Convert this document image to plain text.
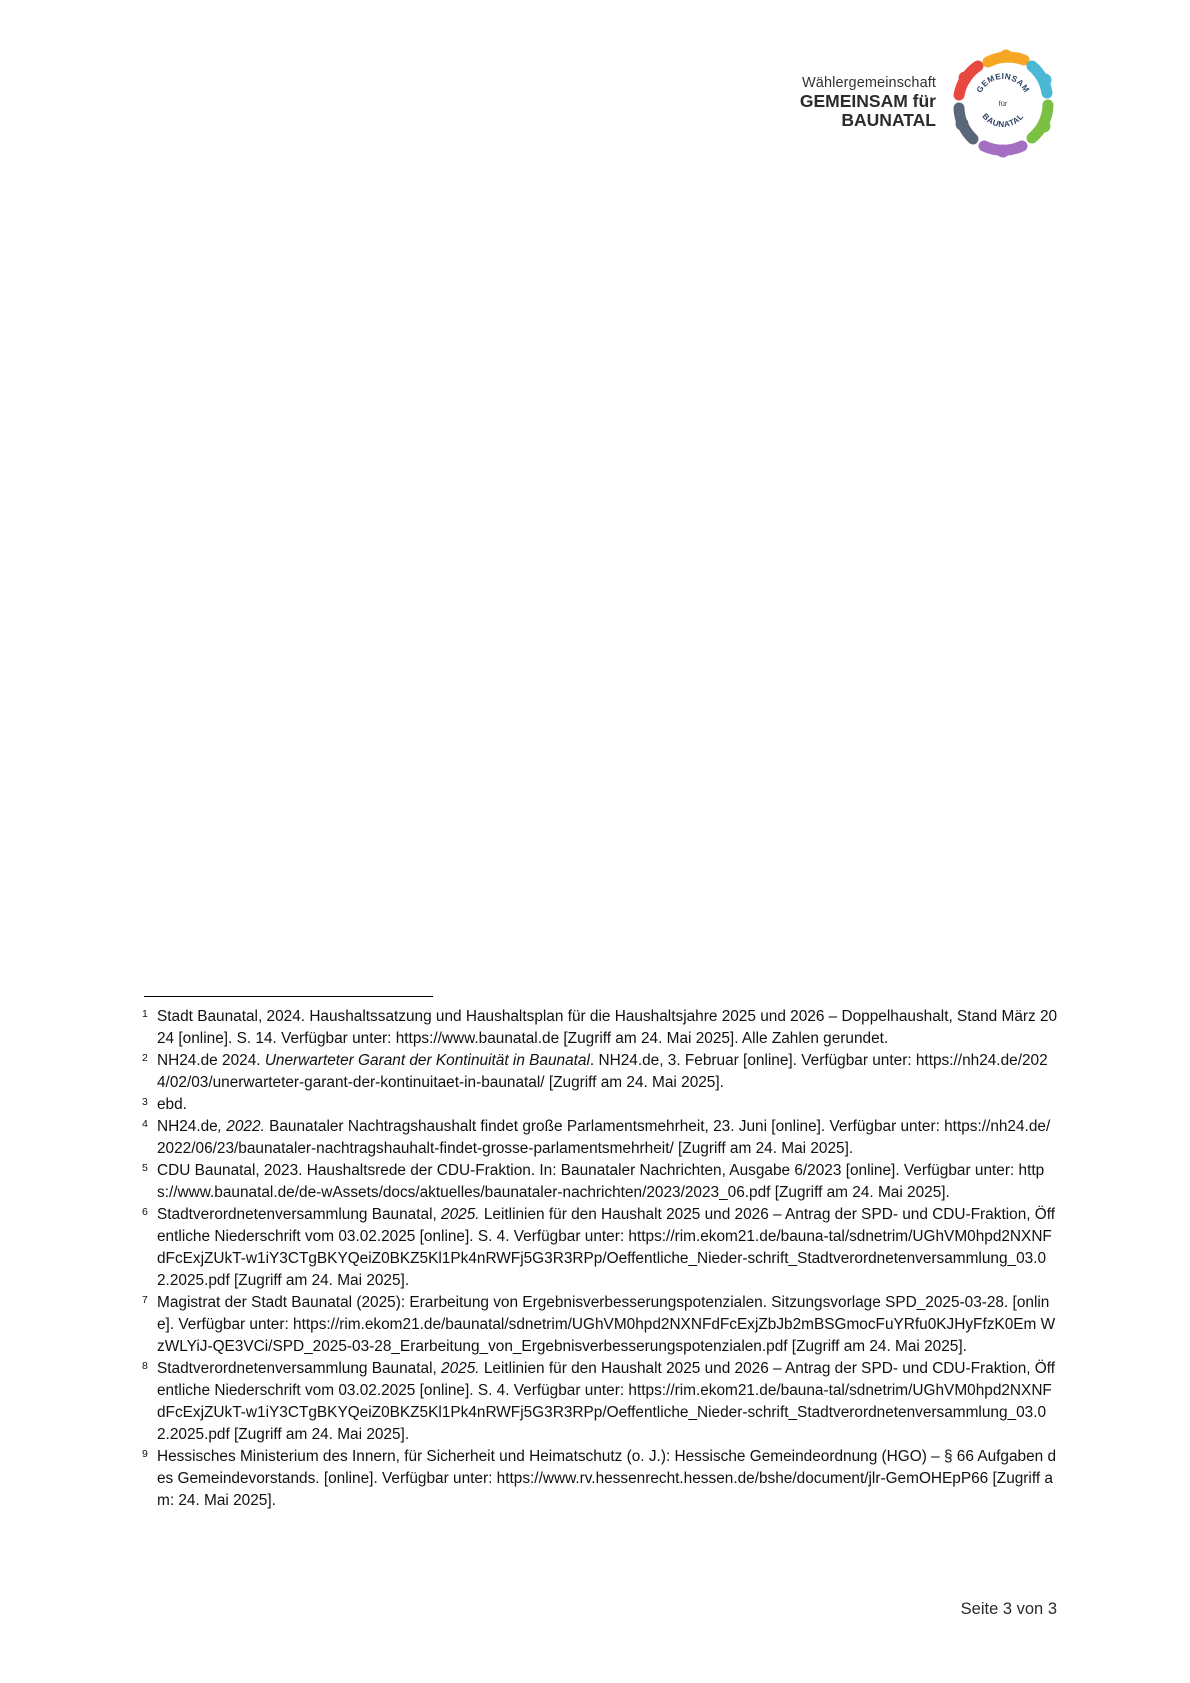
Wählergemeinschaft
GEMEINSAM für
BAUNATAL
GEMEINSAM
für
BAUNATAL
1 Stadt Baunatal, 2024. Haushaltssatzung und Haushaltsplan für die Haushaltsjahre 2025 und 2026 – Doppelhaushalt, Stand März 2024 [online]. S. 14. Verfügbar unter: https://www.baunatal.de [Zugriff am 24. Mai 2025]. Alle Zahlen gerundet.
2 NH24.de 2024. Unerwarteter Garant der Kontinuität in Baunatal. NH24.de, 3. Februar [online]. Verfügbar unter: https://nh24.de/2024/02/03/unerwarteter-garant-der-kontinuitaet-in-baunatal/ [Zugriff am 24. Mai 2025].
3 ebd.
4 NH24.de, 2022. Baunataler Nachtragshaushalt findet große Parlamentsmehrheit, 23. Juni [online]. Verfügbar unter: https://nh24.de/2022/06/23/baunataler-nachtragshauhalt-findet-grosse-parlamentsmehrheit/ [Zugriff am 24. Mai 2025].
5 CDU Baunatal, 2023. Haushaltsrede der CDU-Fraktion. In: Baunataler Nachrichten, Ausgabe 6/2023 [online]. Verfügbar unter: https://www.baunatal.de/de-wAssets/docs/aktuelles/baunataler-nachrichten/2023/2023_06.pdf [Zugriff am 24. Mai 2025].
6 Stadtverordnetenversammlung Baunatal, 2025. Leitlinien für den Haushalt 2025 und 2026 – Antrag der SPD- und CDU-Fraktion, Öffentliche Niederschrift vom 03.02.2025 [online]. S. 4. Verfügbar unter: https://rim.ekom21.de/bauna-tal/sdnetrim/UGhVM0hpd2NXNFdFcExjZUkT-w1iY3CTgBKYQeiZ0BKZ5Kl1Pk4nRWFj5G3R3RPp/Oeffentliche_Nieder-schrift_Stadtverordnetenversammlung_03.02.2025.pdf [Zugriff am 24. Mai 2025].
7 Magistrat der Stadt Baunatal (2025): Erarbeitung von Ergebnisverbesserungspotenzialen. Sitzungsvorlage SPD_2025-03-28. [online]. Verfügbar unter: https://rim.ekom21.de/baunatal/sdnetrim/UGhVM0hpd2NXNFdFcExjZbJb2mBSGmocFuYRfu0KJHyFfzK0Em WzWLYiJ-QE3VCi/SPD_2025-03-28_Erarbeitung_von_Ergebnisverbesserungspotenzialen.pdf [Zugriff am 24. Mai 2025].
8 Stadtverordnetenversammlung Baunatal, 2025. Leitlinien für den Haushalt 2025 und 2026 – Antrag der SPD- und CDU-Fraktion, Öffentliche Niederschrift vom 03.02.2025 [online]. S. 4. Verfügbar unter: https://rim.ekom21.de/bauna-tal/sdnetrim/UGhVM0hpd2NXNFdFcExjZUkT-w1iY3CTgBKYQeiZ0BKZ5Kl1Pk4nRWFj5G3R3RPp/Oeffentliche_Nieder-schrift_Stadtverordnetenversammlung_03.02.2025.pdf [Zugriff am 24. Mai 2025].
9 Hessisches Ministerium des Innern, für Sicherheit und Heimatschutz (o. J.): Hessische Gemeindeordnung (HGO) – § 66 Aufgaben des Gemeindevorstands. [online]. Verfügbar unter: https://www.rv.hessenrecht.hessen.de/bshe/document/jlr-GemOHEpP66 [Zugriff am: 24. Mai 2025].
Seite 3 von 3
